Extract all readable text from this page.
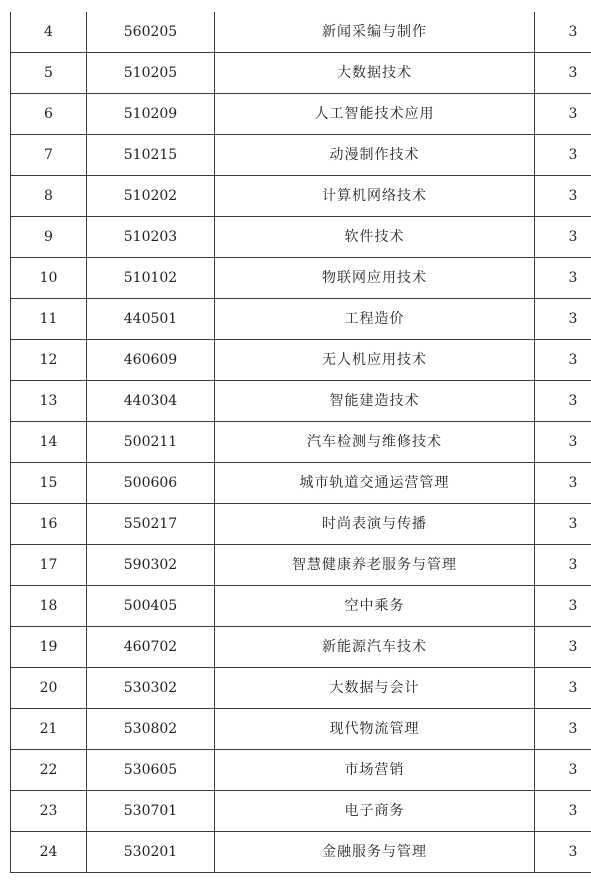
4	560205	新闻采编与制作	3
5	510205	大数据技术	3
6	510209	人工智能技术应用	3
7	510215	动漫制作技术	3
8	510202	计算机网络技术	3
9	510203	软件技术	3
10	510102	物联网应用技术	3
11	440501	工程造价	3
12	460609	无人机应用技术	3
13	440304	智能建造技术	3
14	500211	汽车检测与维修技术	3
15	500606	城市轨道交通运营管理	3
16	550217	时尚表演与传播	3
17	590302	智慧健康养老服务与管理	3
18	500405	空中乘务	3
19	460702	新能源汽车技术	3
20	530302	大数据与会计	3
21	530802	现代物流管理	3
22	530605	市场营销	3
23	530701	电子商务	3
24	530201	金融服务与管理	3
